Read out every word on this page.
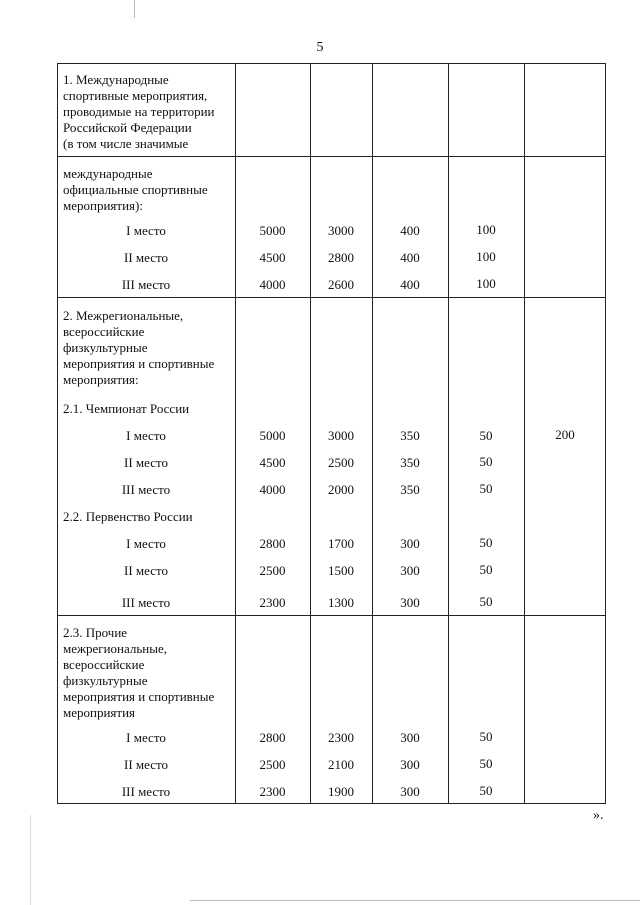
5
1. Международные
спортивные мероприятия,
проводимые на территории
Российской Федерации
(в том числе значимые
международные
официальные спортивные
мероприятия):
I место	5000	3000	400	100
II место	4500	2800	400	100
III место	4000	2600	400	100
2. Межрегиональные,
всероссийские
физкультурные
мероприятия и спортивные
мероприятия:
2.1. Чемпионат России
I место	5000	3000	350	50	200
II место	4500	2500	350	50
III место	4000	2000	350	50
2.2. Первенство России
I место	2800	1700	300	50
II место	2500	1500	300	50
III место	2300	1300	300	50
2.3. Прочие
межрегиональные,
всероссийские
физкультурные
мероприятия и спортивные
мероприятия
I место	2800	2300	300	50
II место	2500	2100	300	50
III место	2300	1900	300	50
».
